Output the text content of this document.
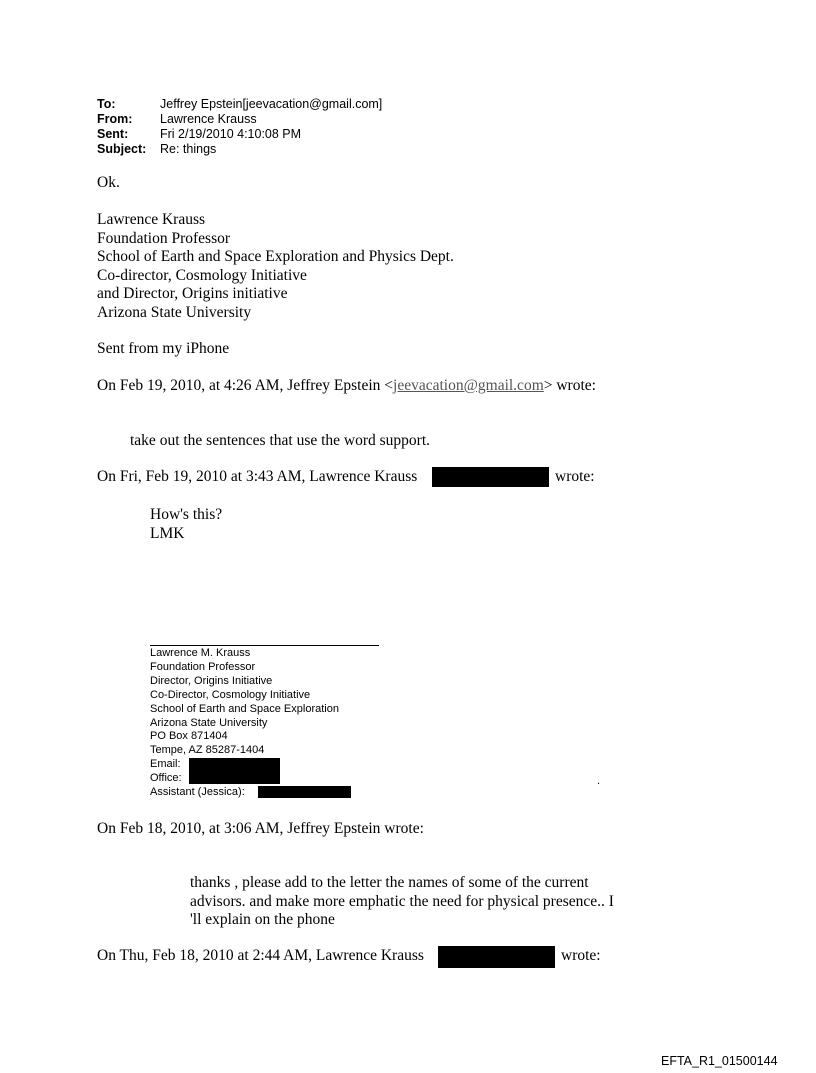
To:	Jeffrey Epstein[jeevacation@gmail.com]
From: Lawrence Krauss
Sent:	Fri 2/19/2010 4:10:08 PM
Subject: Re: things
Ok.
Lawrence Krauss
Foundation Professor
School of Earth and Space Exploration and Physics Dept.
Co-director, Cosmology Initiative
and Director, Origins initiative
Arizona State University
Sent from my iPhone
On Feb 19, 2010, at 4:26 AM, Jeffrey Epstein <jeevacation@gmail.com> wrote:
take out the sentences that use the word support.
On Fri, Feb 19, 2010 at 3:43 AM, Lawrence Krauss	wrote:
How's this?
LMK
Lawrence M. Krauss
Foundation Professor
Director, Origins Initiative
Co-Director, Cosmology Initiative
School of Earth and Space Exploration
Arizona State University
PO Box 871404
Tempe, AZ 85287-1404
Email:
Office:
Assistant (Jessica):
.
On Feb 18, 2010, at 3:06 AM, Jeffrey Epstein wrote:
thanks , please add to the letter the names of some of the current
advisors. and make more emphatic the need for physical presence.. I
'll explain on the phone
On Thu, Feb 18, 2010 at 2:44 AM, Lawrence Krauss	wrote:
EFTA_R1_01500144
